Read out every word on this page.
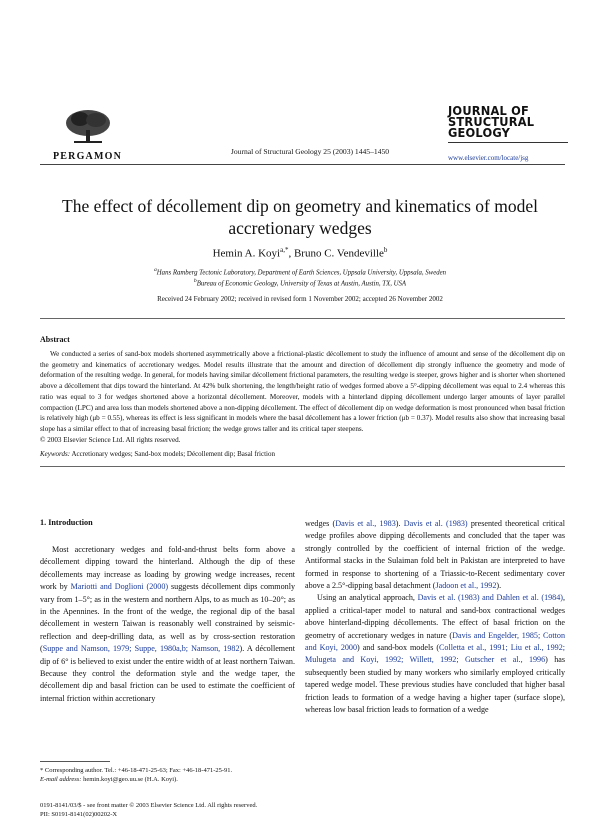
PERGAMON	Journal of Structural Geology 25 (2003) 1445–1450
JOURNAL OF
STRUCTURAL
GEOLOGY
www.elsevier.com/locate/jsg
The effect of décollement dip on geometry and kinematics of model
accretionary wedges
Hemin A. Koyi$^{a,*}$, Bruno C. Vendeville$^b$
$^a$Hans Ramberg Tectonic Laboratory, Department of Earth Sciences, Uppsala University, Uppsala, Sweden
$^b$Bureau of Economic Geology, University of Texas at Austin, Austin, TX, USA
Received 24 February 2002; received in revised form 1 November 2002; accepted 26 November 2002
Abstract

We conducted a series of sand-box models shortened asymmetrically above a frictional-plastic décollement to study the influence of amount and sense of the décollement dip on the geometry and kinematics of accretionary wedges. Model results illustrate that the amount and direction of décollement dip strongly influence the geometry and mode of deformation of the resulting wedge. In general, for models having similar décollement frictional parameters, the resulting wedge is steeper, grows higher and is shorter when shortened above a décollement that dips toward the hinterland. At 42% bulk shortening, the length/height ratio of wedges formed above a 5°-dipping décollement was equal to 2.4 whereas this ratio was equal to 3 for wedges shortened above a horizontal décollement. Moreover, models with a hinterland dipping décollement undergo larger amounts of layer parallel compaction (LPC) and area loss than models shortened above a non-dipping décollement. The effect of décollement dip on wedge deformation is most pronounced when basal friction is relatively high (μb = 0.55), whereas its effect is less significant in models where the basal décollement has a lower friction (μb = 0.37). Model results also show that increasing basal slope has a similar effect to that of increasing basal friction; the wedge grows taller and its critical taper steepens.

© 2003 Elsevier Science Ltd. All rights reserved.
Keywords: Accretionary wedges; Sand-box models; Décollement dip; Basal friction
1. Introduction

Most accretionary wedges and fold-and-thrust belts form above a décollement dipping toward the hinterland. Although the dip of these décollements may increase as loading by growing wedge increases, recent work by Mariotti and Doglioni (2000) suggests décollement dips commonly vary from 1–5°; as in the western and northern Alps, to as much as 10–20°; as in the Apennines. In the front of the wedge, the regional dip of the basal décollement in western Taiwan is reasonably well constrained by seismic-reflection and deep-drilling data, as well as by cross-section restoration (Suppe and Namson, 1979; Suppe, 1980a,b; Namson, 1982). A décollement dip of 6° is believed to exist under the entire width of at least northern Taiwan. Because they control the deformation style and the wedge taper, the décollement dip and basal friction can be used to estimate the coefficient of internal friction within accretionary

wedges (Davis et al., 1983). Davis et al. (1983) presented theoretical critical wedge profiles above dipping décollements and concluded that the taper was strongly controlled by the coefficient of internal friction of the wedge. Antiformal stacks in the Sulaiman fold belt in Pakistan are interpreted to have formed in response to shortening of a Triassic-to-Recent sedimentary cover above a 2.5°-dipping basal detachment (Jadoon et al., 1992).

Using an analytical approach, Davis et al. (1983) and Dahlen et al. (1984), applied a critical-taper model to natural and sand-box contractional wedges above hinterland-dipping décollements. The effect of basal friction on the geometry of accretionary wedges in nature (Davis and Engelder, 1985; Cotton and Koyi, 2000) and sand-box models (Colletta et al., 1991; Liu et al., 1992; Mulugeta and Koyi, 1992; Willett, 1992; Gutscher et al., 1996) has subsequently been studied by many workers who similarly employed critically tapered wedge model. These previous studies have concluded that higher basal friction leads to formation of a wedge having a higher taper (surface slope), whereas low basal friction leads to formation of a wedge

* Corresponding author. Tel.: +46-18-471-25-63; Fax: +46-18-471-25-91.
E-mail address: hemin.koyi@geo.uu.se (H.A. Koyi).
0191-8141/03/$ - see front matter © 2003 Elsevier Science Ltd. All rights reserved.
PII: S0191-8141(02)00202-X
